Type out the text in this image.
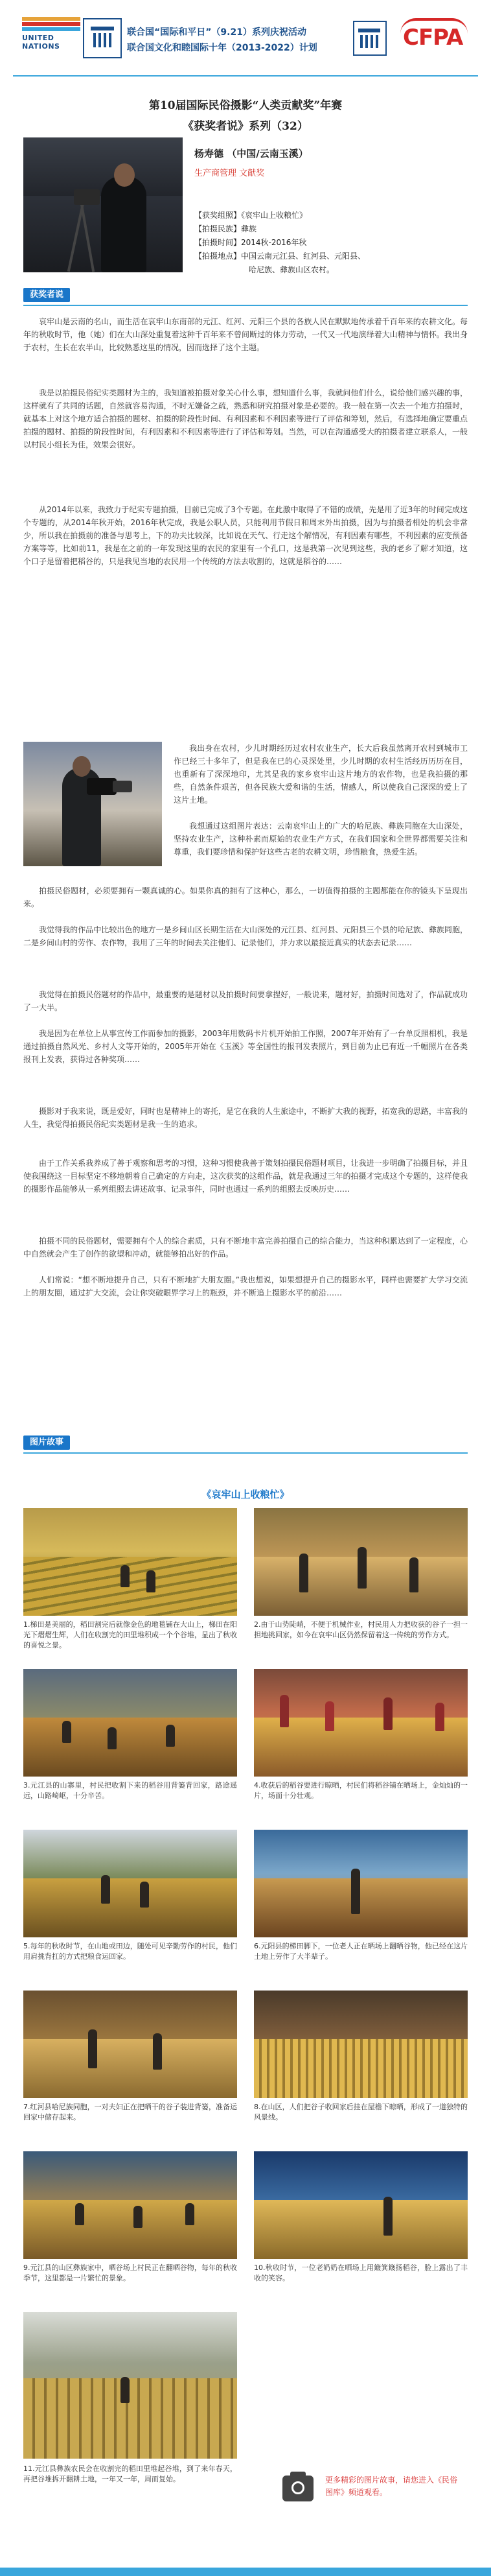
UNITED NATIONS
联合国“国际和平日”（9.21）系列庆祝活动
联合国文化和睦国际十年（2013-2022）计划	CFPA
第10届国际民俗摄影“人类贡献奖”年赛
《获奖者说》系列（32）
杨寿德 （中国/云南玉溪）
生产商管理 文献奖
【获奖组照】《哀牢山上收粮忙》
【拍摄民族】彝族
【拍摄时间】2014秋-2016年秋
【拍摄地点】中国云南元江县、红河县、元阳县、
哈尼族、彝族山区农村。
获奖者说

哀牢山是云南的名山，而生活在哀牢山东南部的元江、红河、元阳三个县的各族人民在默默地传承着千百年来的农耕文化。每年的秋收时节，他（她）们在大山深处重复着这种千百年来不曾间断过的体力劳动，一代又一代地演绎着大山精神与情怀。我出身于农村，生长在农半山，比较熟悉这里的情况，因而选择了这个主题。

我是以拍摄民俗纪实类题材为主的，我知道被拍摄对象关心什么事，想知道什么事，我就问他们什么，说给他们感兴趣的事，这样就有了共同的话题，自然就容易沟通，不时无嫌备之疏，熟悉和研究拍摄对象是必要的。我一般在第一次去一个地方拍摄时，就基本上对这个地方适合拍摄的题材、拍摄的阶段性时间、有利因素和不利因素等进行了评估和筹划，然后，有选择地确定要重点拍摄的题材、拍摄的阶段性时间，有利因素和不利因素等进行了评估和筹划。当然，可以在沟通感受大的拍摄者建立联系人，一般以村民小组长为佳，效果会很好。

从2014年以来，我致力于纪实专题拍摄，目前已完成了3个专题。在此激中取得了不错的成绩，先是用了近3年的时间完成这个专题的，从2014年秋开始，2016年秋完成，我是公职人员，只能利用节假日和周末外出拍摄，因为与拍摄者相处的机会非常少，所以我在拍摄前的准备与思考上，下的功夫比较深，比如说在天气、行走这个解情况，有利因素有哪些，不利因素的应变预备方案等等，比如前11，我是在之前的一年发现这里的农民的家里有一个孔口，这是我第一次见到这些，我的老乡了解才知道，这个口子是留着把稻谷的，只是我见当地的农民用一个传统的方法去收割的，这就是稻谷的……

我出身在农村，少儿时期经历过农村农业生产，长大后我虽然离开农村到城市工作已经三十多年了，但是我在已的心灵深处里，少儿时期的农村生活经历历历在目，也重新有了深深地印，尤其是我的家乡哀牢山这片地方的农作物，也是我拍摄的那些，自然条件艰苦，但各民族大爱和谐的生活，情感人，所以使我自己深深的爱上了这片土地。

我想通过这组图片表达：云南哀牢山上的广大的哈尼族、彝族同胞在大山深处，坚持农业生产，这种朴素而原始的农业生产方式，在我们国家和全世界都需要关注和尊重，我们要珍惜和保护好这些古老的农耕文明，珍惜粮食，热爱生活。

拍摄民俗题材，必须要拥有一颗真诚的心。如果你真的拥有了这种心，那么，一切值得拍摄的主题都能在你的镜头下呈现出来。

我觉得我的作品中比较出色的地方一是乡间山区长期生活在大山深处的元江县、红河县、元阳县三个县的哈尼族、彝族同胞，二是乡间山村的劳作、农作物，我用了三年的时间去关注他们、记录他们，并力求以最接近真实的状态去记录……

我觉得在拍摄民俗题材的作品中，最重要的是题材以及拍摄时间要拿捏好，一般说来，题材好，拍摄时间选对了，作品就成功了一大半。

我是因为在单位上从事宣传工作而参加的摄影，2003年用数码卡片机开始拍工作照，2007年开始有了一台单反照相机，我是通过拍摄自然风光、乡村人文等开始的，2005年开始在《玉溪》等全国性的报刊发表照片，到目前为止已有近一千幅照片在各类报刊上发表，获得过各种奖项……

摄影对于我来说，既是爱好，同时也是精神上的寄托，是它在我的人生旅途中，不断扩大我的视野，拓宽我的思路，丰富我的人生，我觉得拍摄民俗纪实类题材是我一生的追求。

由于工作关系我养成了善于观察和思考的习惯，这种习惯使我善于策划拍摄民俗题材项目，让我进一步明确了拍摄目标，并且使我围绕这一目标坚定不移地朝着自己确定的方向走，这次获奖的这组作品，就是我通过三年的拍摄才完成这个专题的，这样使我的摄影作品能够从一系列组照去讲述故事、记录事件，同时也通过一系列的组照去反映历史……

拍摄不同的民俗题材，需要拥有个人的综合素质，只有不断地丰富完善拍摄自己的综合能力，当这种积累达到了一定程度，心中自然就会产生了创作的欲望和冲动，就能够拍出好的作品。

人们常说：“想不断地提升自己，只有不断地扩大朋友圈。”我也想说，如果想提升自己的摄影水平，同样也需要扩大学习交流上的朋友圈，通过扩大交流，会让你突破眼界学习上的瓶颈，并不断追上摄影水平的前沿……

图片故事
《哀牢山上收粮忙》

1.梯田是美丽的，稻田割完后就像金色的地毯铺在大山上，梯田在阳光下熠熠生辉，人们在收割完的田里堆积成一个个谷堆，显出了秋收的喜悦之景。

2.由于山势陡峭，不便于机械作业，村民用人力把收获的谷子一担一担地挑回家，如今在哀牢山区仍然保留着这一传统的劳作方式。

3.元江县的山寨里，村民把收割下来的稻谷用背篓背回家，路途遥远，山路崎岖，十分辛苦。

4.收获后的稻谷要进行晾晒，村民们将稻谷铺在晒场上，金灿灿的一片，场面十分壮观。

5.每年的秋收时节，在山地或田边，随处可见辛勤劳作的村民，他们用肩挑背扛的方式把粮食运回家。

6.元阳县的梯田脚下，一位老人正在晒场上翻晒谷物，他已经在这片土地上劳作了大半辈子。

7.红河县哈尼族同胞，一对夫妇正在把晒干的谷子装进背篓，准备运回家中储存起来。

8.在山区，人们把谷子收回家后挂在屋檐下晾晒，形成了一道独特的风景线。

9.元江县的山区彝族家中，晒谷场上村民正在翻晒谷物，每年的秋收季节，这里都是一片繁忙的景象。

10.秋收时节，一位老奶奶在晒场上用簸箕簸扬稻谷，脸上露出了丰收的笑容。

11.元江县彝族农民会在收割完的稻田里堆起谷堆，到了来年春天，再把谷堆拆开翻耕土地，一年又一年，周而复始。	更多精彩的图片故事，请您进入《民俗图库》频道观看。
